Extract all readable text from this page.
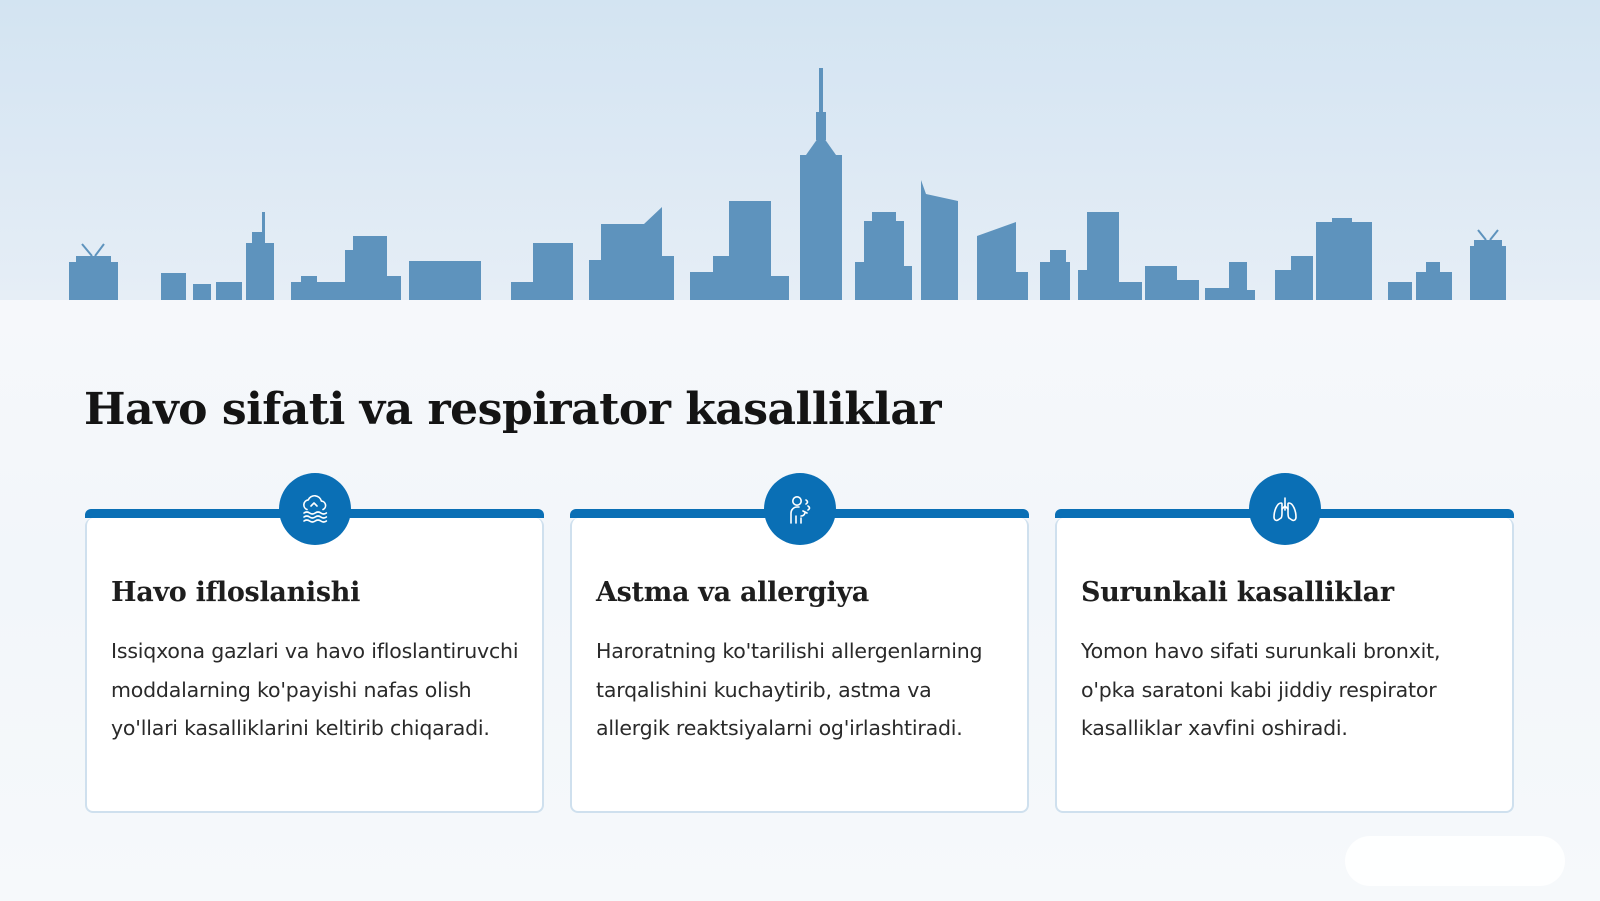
Havo sifati va respirator kasalliklar
Havo ifloslanishi

Issiqxona gazlari va havo ifloslantiruvchi moddalarning ko'payishi nafas olish yo'llari kasalliklarini keltirib chiqaradi.

Astma va allergiya

Haroratning ko'tarilishi allergenlarning tarqalishini kuchaytirib, astma va allergik reaktsiyalarni og'irlashtiradi.

Surunkali kasalliklar

Yomon havo sifati surunkali bronxit, o'pka saratoni kabi jiddiy respirator kasalliklar xavfini oshiradi.
